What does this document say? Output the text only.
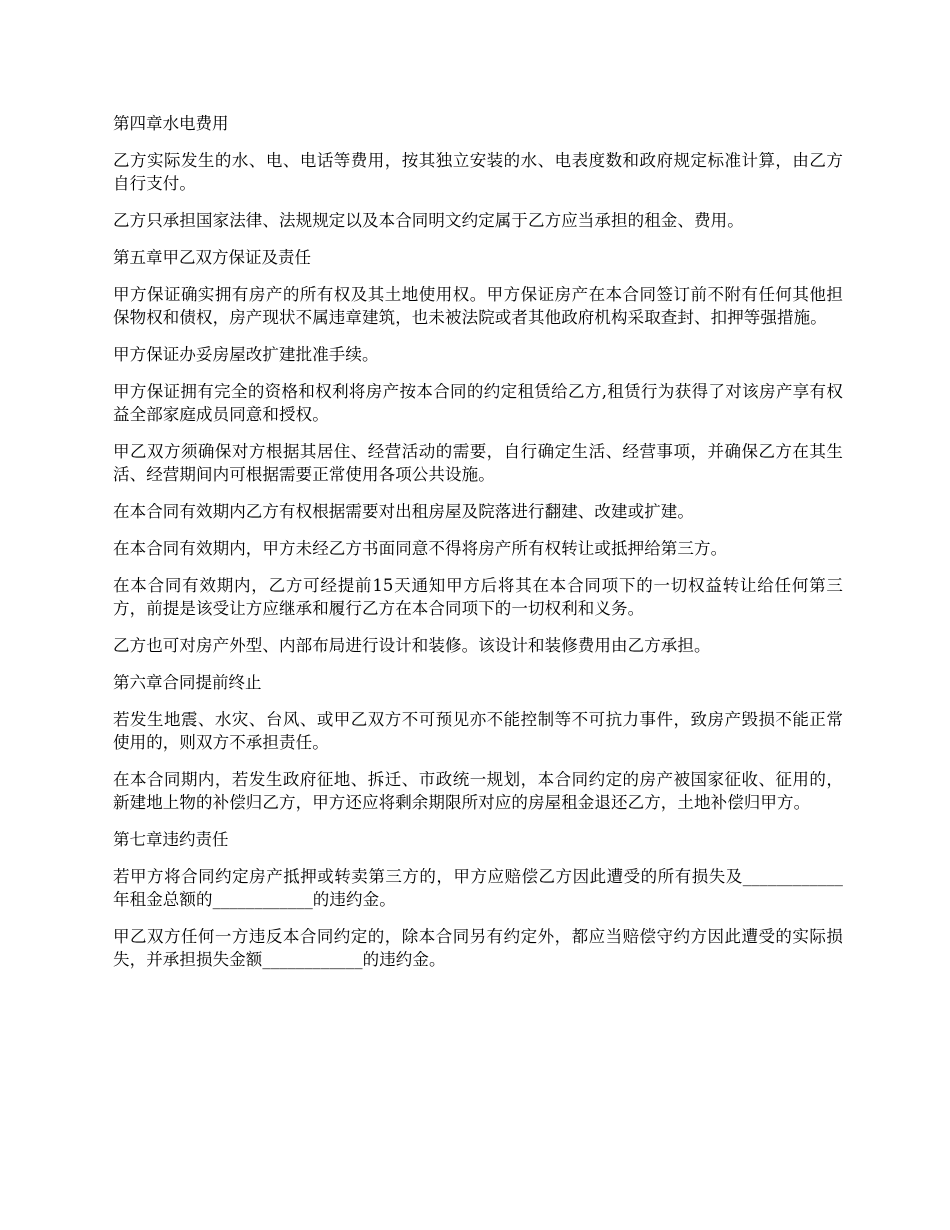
第四章水电费用
乙方实际发生的水、电、电话等费用，按其独立安装的水、电表度数和政府规定标准计算，由乙方自行支付。
乙方只承担国家法律、法规规定以及本合同明文约定属于乙方应当承担的租金、费用。
第五章甲乙双方保证及责任
甲方保证确实拥有房产的所有权及其土地使用权。甲方保证房产在本合同签订前不附有任何其他担保物权和债权，房产现状不属违章建筑，也未被法院或者其他政府机构采取查封、扣押等强措施。
甲方保证办妥房屋改扩建批准手续。
甲方保证拥有完全的资格和权利将房产按本合同的约定租赁给乙方,租赁行为获得了对该房产享有权益全部家庭成员同意和授权。
甲乙双方须确保对方根据其居住、经营活动的需要，自行确定生活、经营事项，并确保乙方在其生活、经营期间内可根据需要正常使用各项公共设施。
在本合同有效期内乙方有权根据需要对出租房屋及院落进行翻建、改建或扩建。
在本合同有效期内，甲方未经乙方书面同意不得将房产所有权转让或抵押给第三方。
在本合同有效期内，乙方可经提前15天通知甲方后将其在本合同项下的一切权益转让给任何第三方，前提是该受让方应继承和履行乙方在本合同项下的一切权利和义务。
乙方也可对房产外型、内部布局进行设计和装修。该设计和装修费用由乙方承担。
第六章合同提前终止
若发生地震、水灾、台风、或甲乙双方不可预见亦不能控制等不可抗力事件，致房产毁损不能正常使用的，则双方不承担责任。
在本合同期内，若发生政府征地、拆迁、市政统一规划，本合同约定的房产被国家征收、征用的，新建地上物的补偿归乙方，甲方还应将剩余期限所对应的房屋租金退还乙方，土地补偿归甲方。
第七章违约责任
若甲方将合同约定房产抵押或转卖第三方的，甲方应赔偿乙方因此遭受的所有损失及____________年租金总额的____________的违约金。
甲乙双方任何一方违反本合同约定的，除本合同另有约定外，都应当赔偿守约方因此遭受的实际损失，并承担损失金额____________的违约金。
